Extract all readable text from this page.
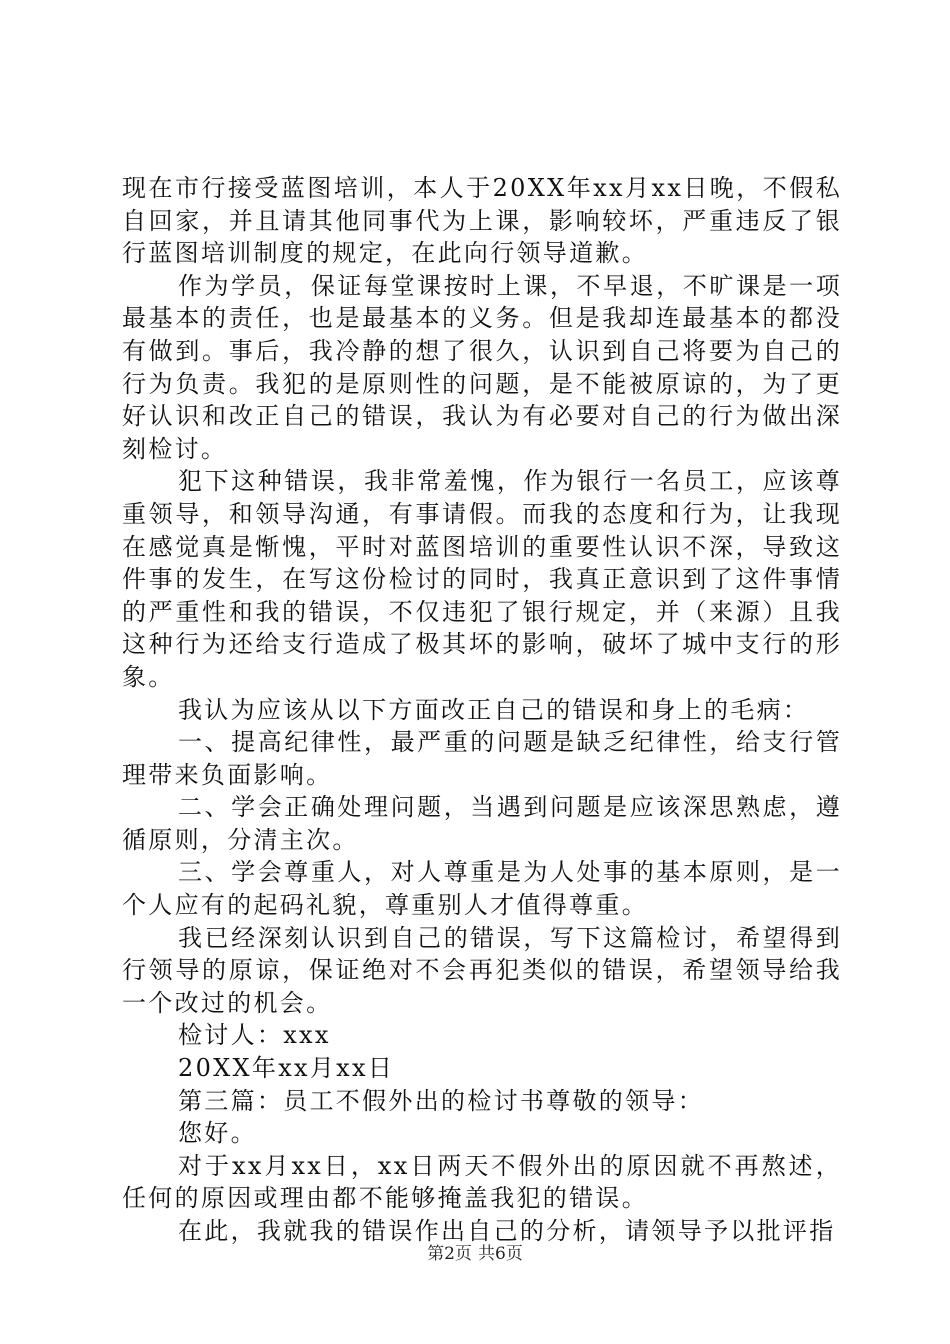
现在市行接受蓝图培训，本人于20XX年xx月xx日晚，不假私自回家，并且请其他同事代为上课，影响较坏，严重违反了银行蓝图培训制度的规定，在此向行领导道歉。

作为学员，保证每堂课按时上课，不早退，不旷课是一项最基本的责任，也是最基本的义务。但是我却连最基本的都没有做到。事后，我冷静的想了很久，认识到自己将要为自己的行为负责。我犯的是原则性的问题，是不能被原谅的，为了更好认识和改正自己的错误，我认为有必要对自己的行为做出深刻检讨。

犯下这种错误，我非常羞愧，作为银行一名员工，应该尊重领导，和领导沟通，有事请假。而我的态度和行为，让我现在感觉真是惭愧，平时对蓝图培训的重要性认识不深，导致这件事的发生，在写这份检讨的同时，我真正意识到了这件事情的严重性和我的错误，不仅违犯了银行规定，并（来源）且我这种行为还给支行造成了极其坏的影响，破坏了城中支行的形象。

我认为应该从以下方面改正自己的错误和身上的毛病：

一、提高纪律性，最严重的问题是缺乏纪律性，给支行管理带来负面影响。

二、学会正确处理问题，当遇到问题是应该深思熟虑，遵循原则，分清主次。

三、学会尊重人，对人尊重是为人处事的基本原则，是一个人应有的起码礼貌，尊重别人才值得尊重。

我已经深刻认识到自己的错误，写下这篇检讨，希望得到行领导的原谅，保证绝对不会再犯类似的错误，希望领导给我一个改过的机会。

检讨人：xxx

20XX年xx月xx日

第三篇：员工不假外出的检讨书尊敬的领导：

您好。

对于xx月xx日，xx日两天不假外出的原因就不再熬述，任何的原因或理由都不能够掩盖我犯的错误。

在此，我就我的错误作出自己的分析，请领导予以批评指

第2页 共6页
